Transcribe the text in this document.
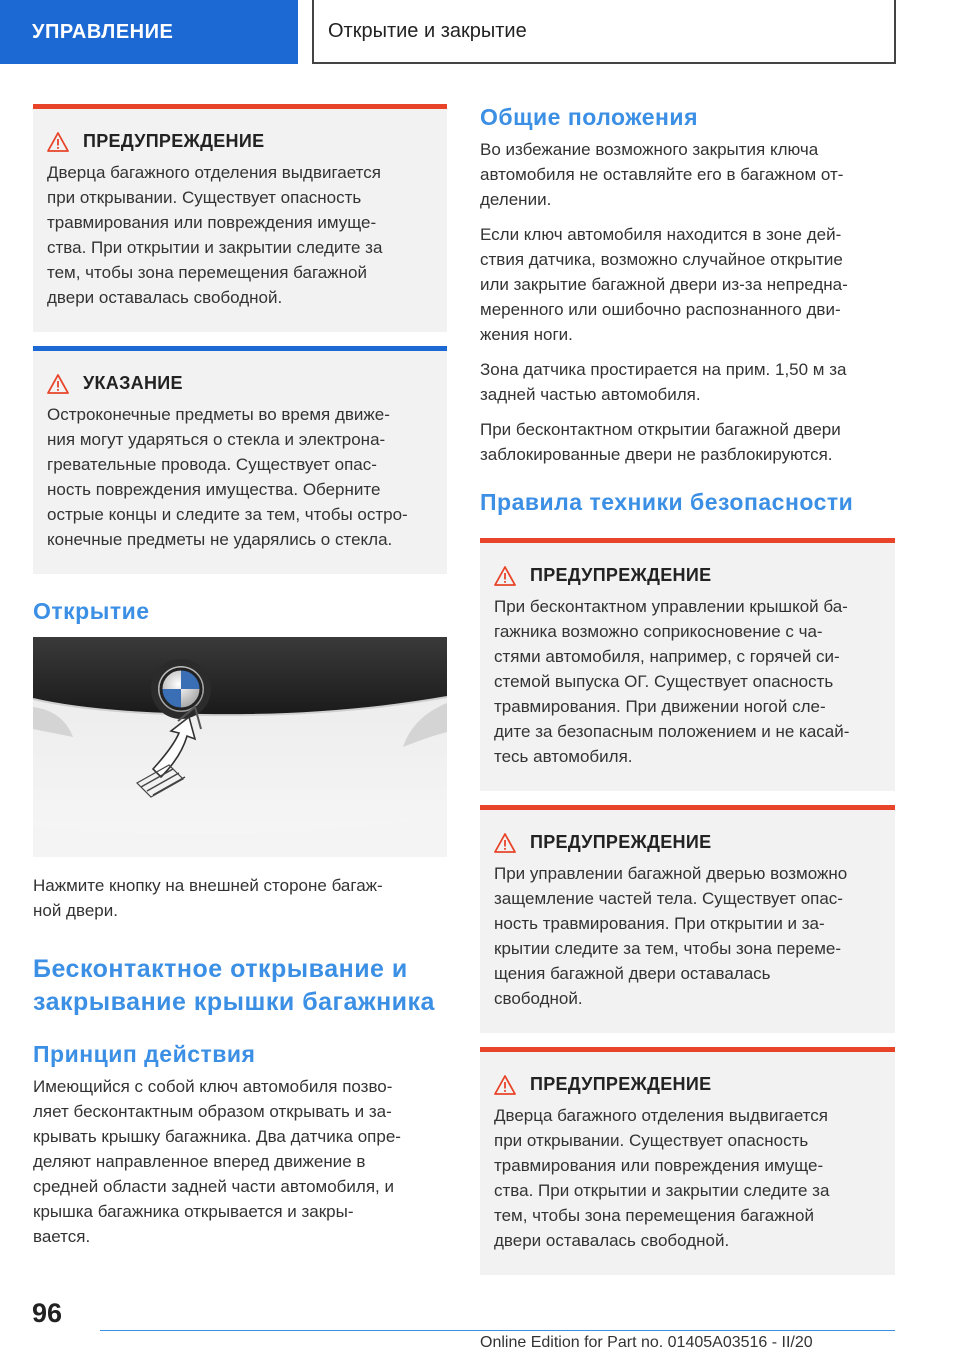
УПРАВЛЕНИЕ	Открытие и закрытие
ПРЕДУПРЕЖДЕНИЕ
Дверца багажного отделения выдвигается
при открывании. Существует опасность
травмирования или повреждения имуще-
ства. При открытии и закрытии следите за
тем, чтобы зона перемещения багажной
двери оставалась свободной.
УКАЗАНИЕ
Остроконечные предметы во время движе-
ния могут ударяться о стекла и электрона-
гревательные провода. Существует опас-
ность повреждения имущества. Оберните
острые концы и следите за тем, чтобы остро-
конечные предметы не ударялись о стекла.
Открытие
Нажмите кнопку на внешней стороне багаж-
ной двери.
Бесконтактное открывание и
закрывание крышки багажника
Принцип действия
Имеющийся с собой ключ автомобиля позво-
ляет бесконтактным образом открывать и за-
крывать крышку багажника. Два датчика опре-
деляют направленное вперед движение в
средней области задней части автомобиля, и
крышка багажника открывается и закры-
вается.
Общие положения
Во избежание возможного закрытия ключа
автомобиля не оставляйте его в багажном от-
делении.
Если ключ автомобиля находится в зоне дей-
ствия датчика, возможно случайное открытие
или закрытие багажной двери из-за непредна-
меренного или ошибочно распознанного дви-
жения ноги.
Зона датчика простирается на прим. 1,50 м за
задней частью автомобиля.
При бесконтактном открытии багажной двери
заблокированные двери не разблокируются.
Правила техники безопасности
ПРЕДУПРЕЖДЕНИЕ
При бесконтактном управлении крышкой ба-
гажника возможно соприкосновение с ча-
стями автомобиля, например, с горячей си-
стемой выпуска ОГ. Существует опасность
травмирования. При движении ногой сле-
дите за безопасным положением и не касай-
тесь автомобиля.
ПРЕДУПРЕЖДЕНИЕ
При управлении багажной дверью возможно
защемление частей тела. Существует опас-
ность травмирования. При открытии и за-
крытии следите за тем, чтобы зона переме-
щения багажной двери оставалась
свободной.
ПРЕДУПРЕЖДЕНИЕ
Дверца багажного отделения выдвигается
при открывании. Существует опасность
травмирования или повреждения имуще-
ства. При открытии и закрытии следите за
тем, чтобы зона перемещения багажной
двери оставалась свободной.
96
Online Edition for Part no. 01405A03516 - II/20
